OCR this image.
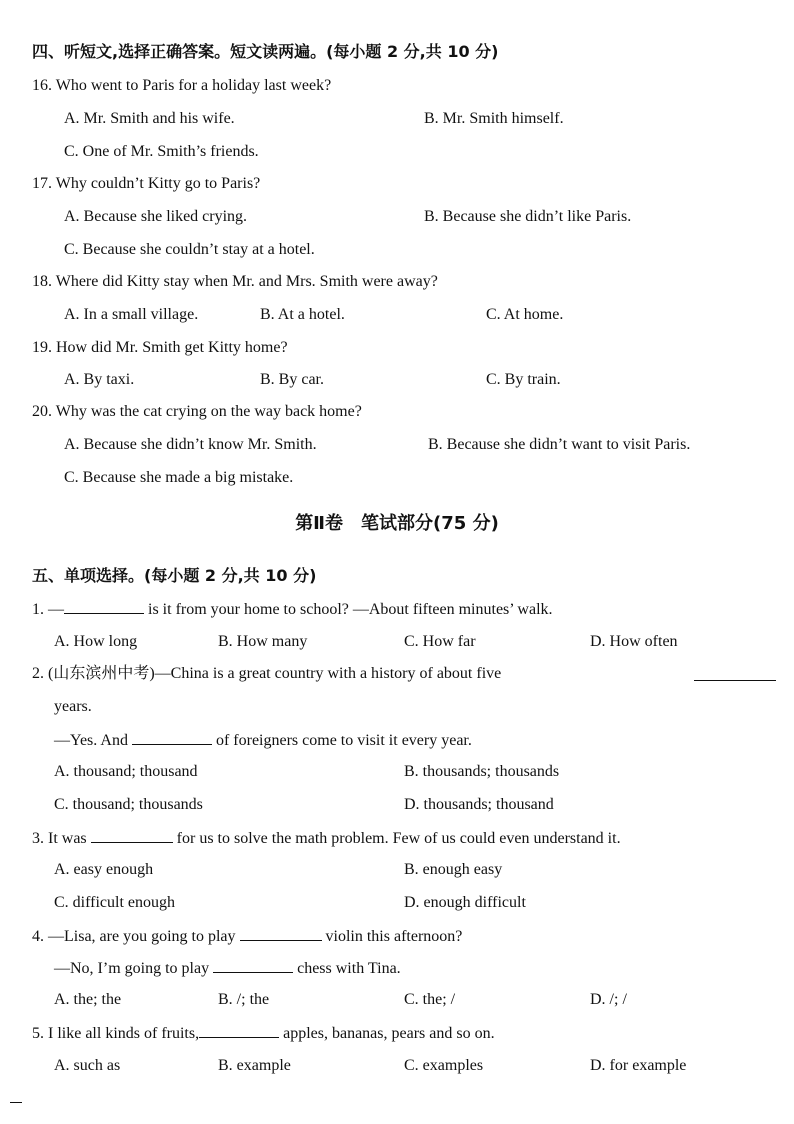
四、听短文,选择正确答案。短文读两遍。(每小题 2 分,共 10 分)
16. Who went to Paris for a holiday last week?
A. Mr. Smith and his wife.	B. Mr. Smith himself.
C. One of Mr. Smith’s friends.
17. Why couldn’t Kitty go to Paris?
A. Because she liked crying.	B. Because she didn’t like Paris.
C. Because she couldn’t stay at a hotel.
18. Where did Kitty stay when Mr. and Mrs. Smith were away?
A. In a small village.	B. At a hotel.	C. At home.
19. How did Mr. Smith get Kitty home?
A. By taxi.	B. By car.	C. By train.
20. Why was the cat crying on the way back home?
A. Because she didn’t know Mr. Smith.	B. Because she didn’t want to visit Paris.
C. Because she made a big mistake.
第Ⅱ卷　笔试部分(75 分)
五、单项选择。(每小题 2 分,共 10 分)
1. —	is it from your home to school? —About fifteen minutes’ walk.
A. How long	B. How many	C. How far	D. How often
2. (山东滨州中考)—China is a great country with a history of about five
years.
—Yes. And	of foreigners come to visit it every year.
A. thousand; thousand	B. thousands; thousands
C. thousand; thousands	D. thousands; thousand
3. It was	for us to solve the math problem. Few of us could even understand it.
A. easy enough	B. enough easy
C. difficult enough	D. enough difficult
4. —Lisa, are you going to play	violin this afternoon?
—No, I’m going to play	chess with Tina.
A. the; the	B. /; the	C. the; /	D. /; /
5. I like all kinds of fruits,	apples, bananas, pears and so on.
A. such as	B. example	C. examples	D. for example
